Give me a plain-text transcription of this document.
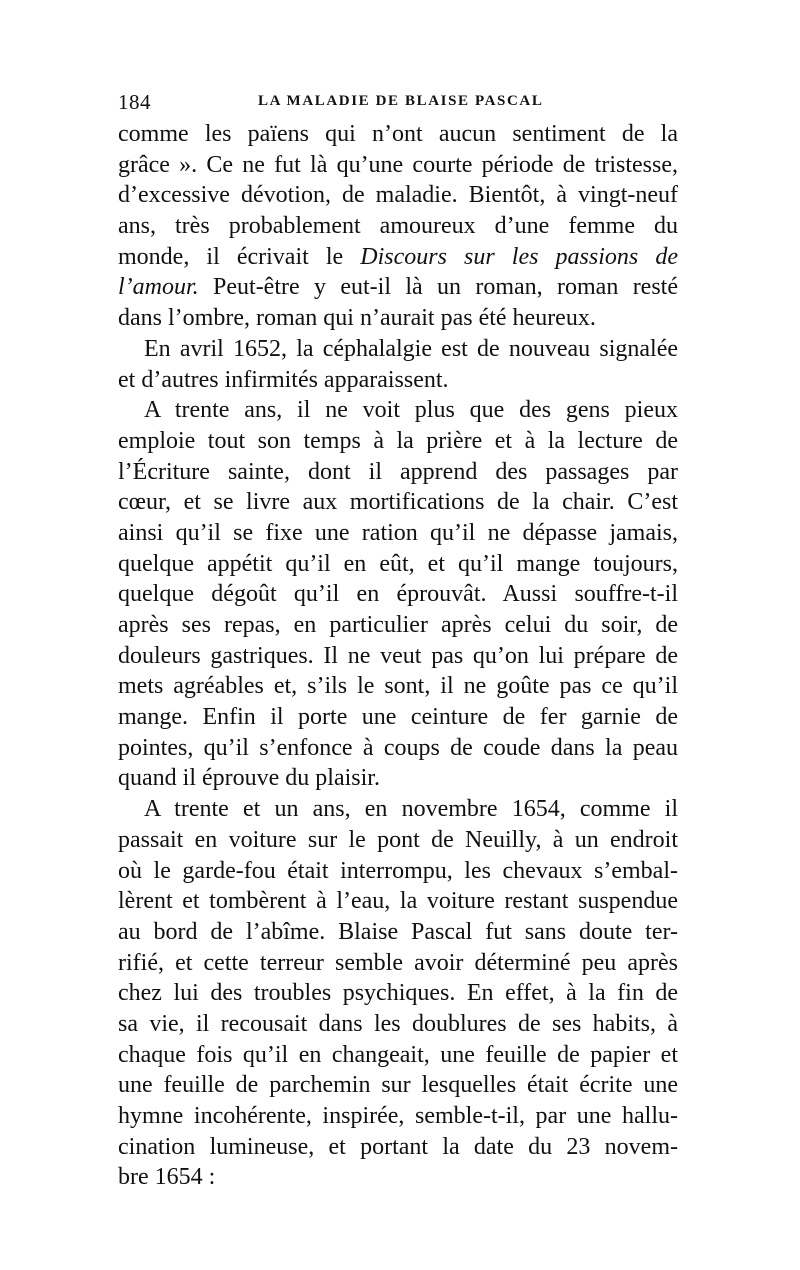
184	LA MALADIE DE BLAISE PASCAL
comme les païens qui n’ont aucun sentiment de la
grâce ». Ce ne fut là qu’une courte période de tristesse,
d’excessive dévotion, de maladie. Bientôt, à vingt-neuf
ans, très probablement amoureux d’une femme du
monde, il écrivait le Discours sur les passions de
l’amour. Peut-être y eut-il là un roman, roman resté
dans l’ombre, roman qui n’aurait pas été heureux.
En avril 1652, la céphalalgie est de nouveau signalée
et d’autres infirmités apparaissent.
A trente ans, il ne voit plus que des gens pieux
emploie tout son temps à la prière et à la lecture de
l’Écriture sainte, dont il apprend des passages par
cœur, et se livre aux mortifications de la chair. C’est
ainsi qu’il se fixe une ration qu’il ne dépasse jamais,
quelque appétit qu’il en eût, et qu’il mange toujours,
quelque dégoût qu’il en éprouvât. Aussi souffre-t-il
après ses repas, en particulier après celui du soir, de
douleurs gastriques. Il ne veut pas qu’on lui prépare de
mets agréables et, s’ils le sont, il ne goûte pas ce qu’il
mange. Enfin il porte une ceinture de fer garnie de
pointes, qu’il s’enfonce à coups de coude dans la peau
quand il éprouve du plaisir.
A trente et un ans, en novembre 1654, comme il
passait en voiture sur le pont de Neuilly, à un endroit
où le garde-fou était interrompu, les chevaux s’embal-
lèrent et tombèrent à l’eau, la voiture restant suspendue
au bord de l’abîme. Blaise Pascal fut sans doute ter-
rifié, et cette terreur semble avoir déterminé peu après
chez lui des troubles psychiques. En effet, à la fin de
sa vie, il recousait dans les doublures de ses habits, à
chaque fois qu’il en changeait, une feuille de papier et
une feuille de parchemin sur lesquelles était écrite une
hymne incohérente, inspirée, semble-t-il, par une hallu-
cination lumineuse, et portant la date du 23 novem-
bre 1654 :
